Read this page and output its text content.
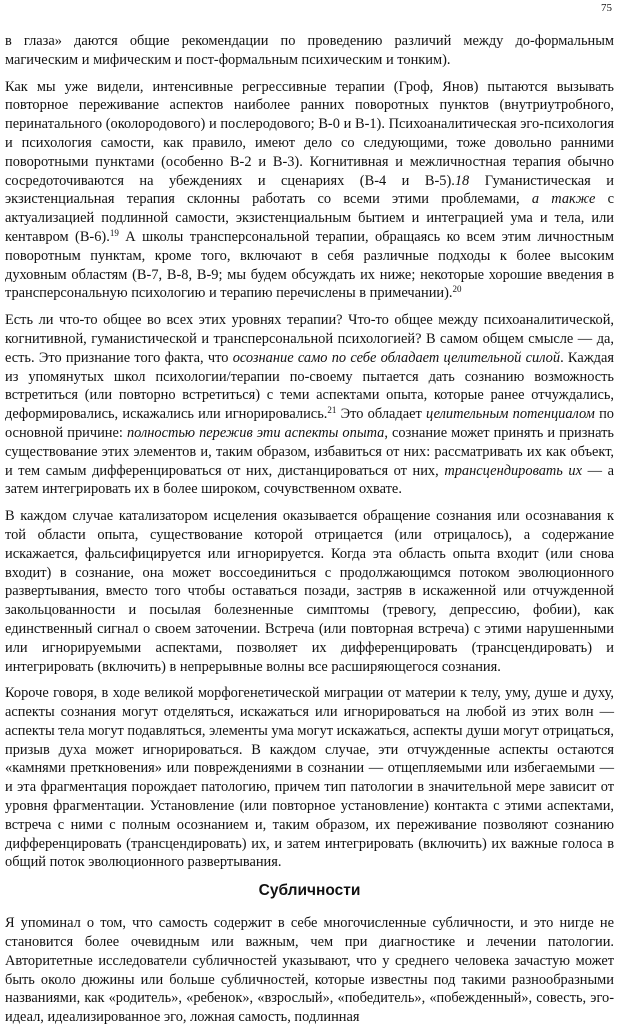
75

в глаза» даются общие рекомендации по проведению различий между до-формальным магическим и мифическим и пост-формальным психическим и тонким).

Как мы уже видели, интенсивные регрессивные терапии (Гроф, Янов) пытаются вызывать повторное переживание аспектов наиболее ранних поворотных пунктов (внутриутробного, перинатального (околородового) и послеродового; В-0 и В-1). Психоаналитическая эго-психология и психология самости, как правило, имеют дело со следующими, тоже довольно ранними поворотными пунктами (особенно В-2 и В-3). Когнитивная и межличностная терапия обычно сосредоточиваются на убеждениях и сценариях (В-4 и В-5).18 Гуманистическая и экзистенциальная терапия склонны работать со всеми этими проблемами, а также с актуализацией подлинной самости, экзистенциальным бытием и интеграцией ума и тела, или кентавром (В-6).$^{19}$ А школы трансперсональной терапии, обращаясь ко всем этим личностным поворотным пунктам, кроме того, включают в себя различные подходы к более высоким духовным областям (В-7, В-8, В-9; мы будем обсуждать их ниже; некоторые хорошие введения в трансперсональную психологию и терапию перечислены в примечании).$^{20}$

Есть ли что-то общее во всех этих уровнях терапии? Что-то общее между психоаналитической, когнитивной, гуманистической и трансперсональной психологией? В самом общем смысле — да, есть. Это признание того факта, что осознание само по себе обладает целительной силой. Каждая из упомянутых школ психологии/терапии по-своему пытается дать сознанию возможность встретиться (или повторно встретиться) с теми аспектами опыта, которые ранее отчуждались, деформировались, искажались или игнорировались.$^{21}$ Это обладает целительным потенциалом по основной причине: полностью пережив эти аспекты опыта, сознание может принять и признать существование этих элементов и, таким образом, избавиться от них: рассматривать их как объект, и тем самым дифференцироваться от них, дистанцироваться от них, трансцендировать их — а затем интегрировать их в более широком, сочувственном охвате.

В каждом случае катализатором исцеления оказывается обращение сознания или осознавания к той области опыта, существование которой отрицается (или отрицалось), а содержание искажается, фальсифицируется или игнорируется. Когда эта область опыта входит (или снова входит) в сознание, она может воссоединиться с продолжающимся потоком эволюционного развертывания, вместо того чтобы оставаться позади, застряв в искаженной или отчужденной закольцованности и посылая болезненные симптомы (тревогу, депрессию, фобии), как единственный сигнал о своем заточении. Встреча (или повторная встреча) с этими нарушенными или игнорируемыми аспектами, позволяет их дифференцировать (трансцендировать) и интегрировать (включить) в непрерывные волны все расширяющегося сознания.

Короче говоря, в ходе великой морфогенетической миграции от материи к телу, уму, душе и духу, аспекты сознания могут отделяться, искажаться или игнорироваться на любой из этих волн — аспекты тела могут подавляться, элементы ума могут искажаться, аспекты души могут отрицаться, призыв духа может игнорироваться. В каждом случае, эти отчужденные аспекты остаются «камнями преткновения» или повреждениями в сознании — отщепляемыми или избегаемыми — и эта фрагментация порождает патологию, причем тип патологии в значительной мере зависит от уровня фрагментации. Установление (или повторное установление) контакта с этими аспектами, встреча с ними с полным осознанием и, таким образом, их переживание позволяют сознанию дифференцировать (трансцендировать) их, и затем интегрировать (включить) их важные голоса в общий поток эволюционного развертывания.

Субличности

Я упоминал о том, что самость содержит в себе многочисленные субличности, и это нигде не становится более очевидным или важным, чем при диагностике и лечении патологии. Авторитетные исследователи субличностей указывают, что у среднего человека зачастую может быть около дюжины или больше субличностей, которые известны под такими разнообразными названиями, как «родитель», «ребенок», «взрослый», «победитель», «побежденный», совесть, эго-идеал, идеализированное эго, ложная самость, подлинная
